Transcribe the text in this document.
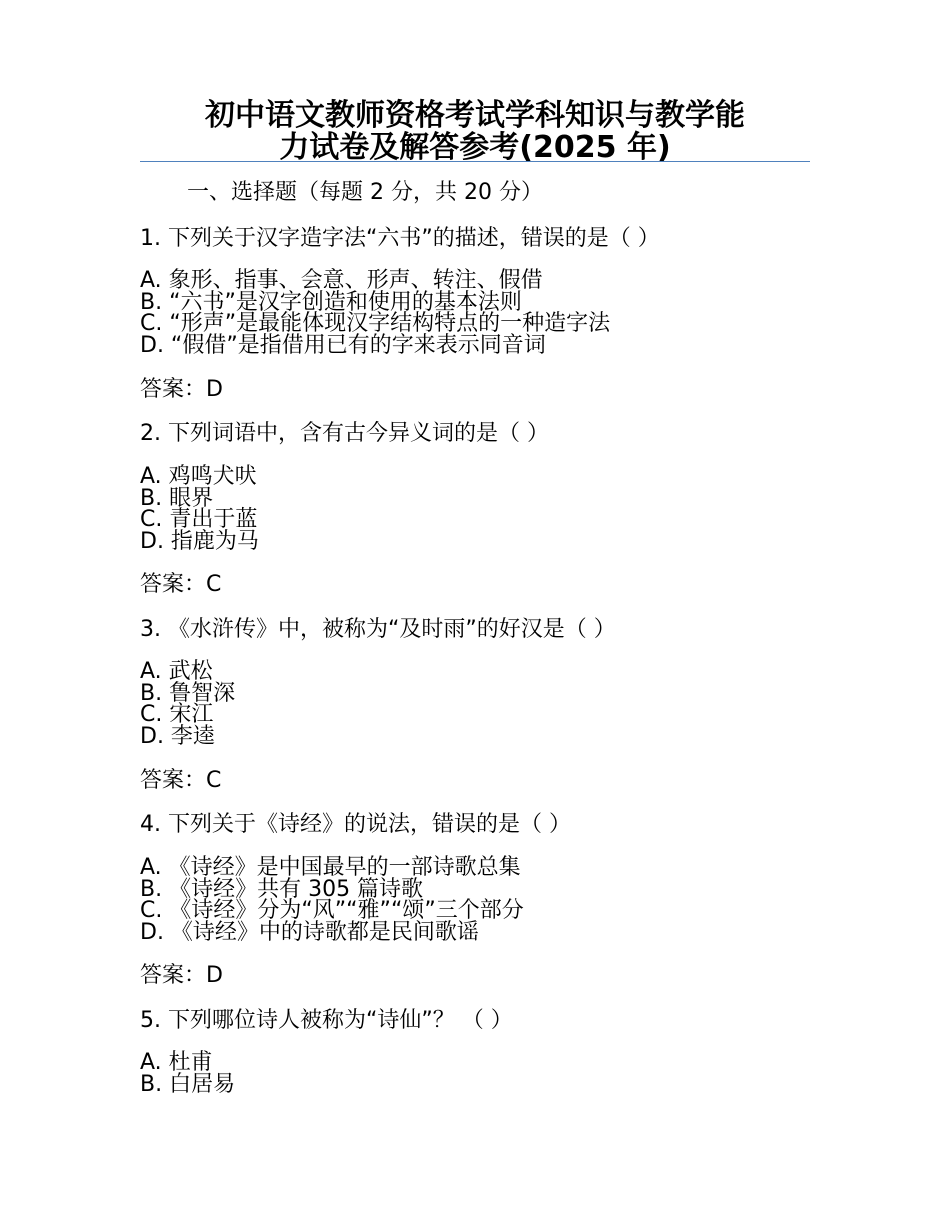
初中语文教师资格考试学科知识与教学能
力试卷及解答参考(2025 年)
一、选择题（每题 2 分，共 20 分）
1. 下列关于汉字造字法“六书”的描述，错误的是（ ）
A. 象形、指事、会意、形声、转注、假借
B. “六书”是汉字创造和使用的基本法则
C. “形声”是最能体现汉字结构特点的一种造字法
D. “假借”是指借用已有的字来表示同音词
答案：D
2. 下列词语中，含有古今异义词的是（ ）
A. 鸡鸣犬吠
B. 眼界
C. 青出于蓝
D. 指鹿为马
答案：C
3. 《水浒传》中，被称为“及时雨”的好汉是（ ）
A. 武松
B. 鲁智深
C. 宋江
D. 李逵
答案：C
4. 下列关于《诗经》的说法，错误的是（ ）
A. 《诗经》是中国最早的一部诗歌总集
B. 《诗经》共有 305 篇诗歌
C. 《诗经》分为“风”“雅”“颂”三个部分
D. 《诗经》中的诗歌都是民间歌谣
答案：D
5. 下列哪位诗人被称为“诗仙”？ （ ）
A. 杜甫
B. 白居易
